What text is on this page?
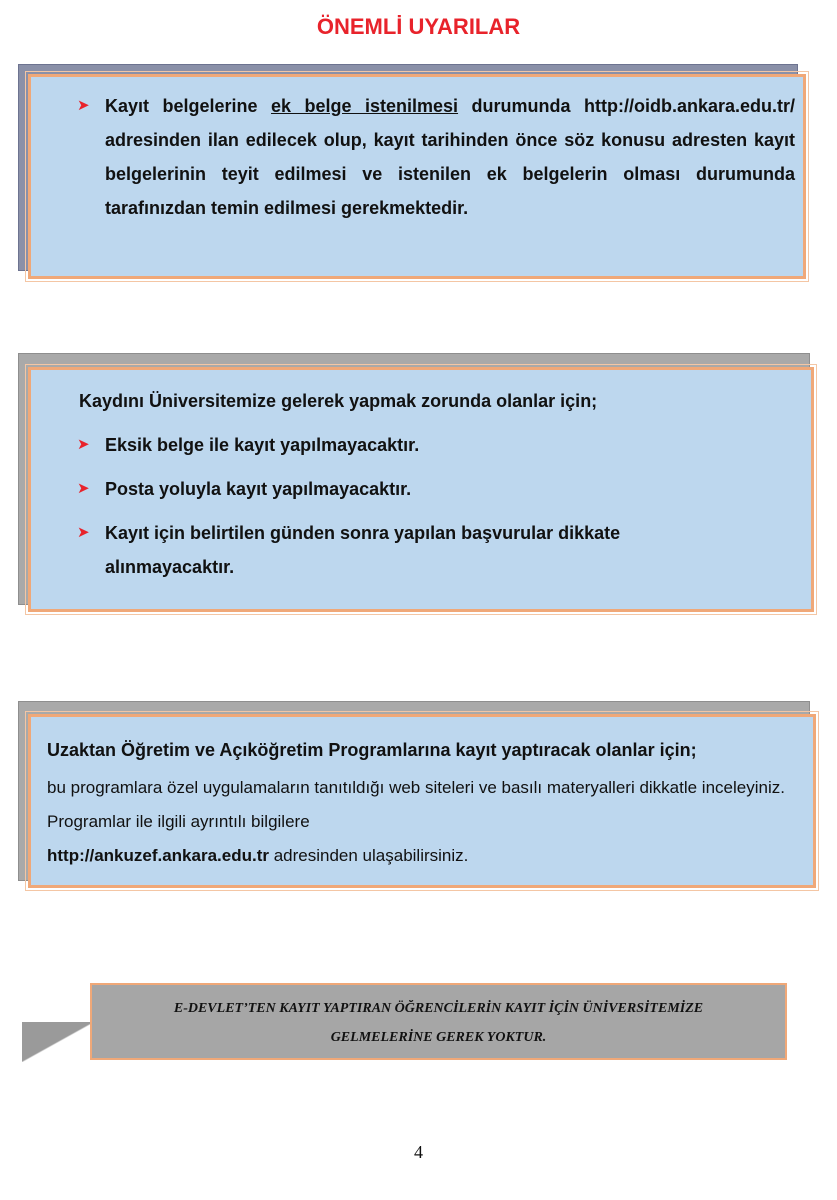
ÖNEMLİ UYARILAR
➤ Kayıt belgelerine ek belge istenilmesi durumunda http://oidb.ankara.edu.tr/ adresinden ilan edilecek olup, kayıt tarihinden önce söz konusu adresten kayıt belgelerinin teyit edilmesi ve istenilen ek belgelerin olması durumunda tarafınızdan temin edilmesi gerekmektedir.
Kaydını Üniversitemize gelerek yapmak zorunda olanlar için;
➤ Eksik belge ile kayıt yapılmayacaktır.
➤ Posta yoluyla kayıt yapılmayacaktır.
➤ Kayıt için belirtilen günden sonra yapılan başvurular dikkate alınmayacaktır.
Uzaktan Öğretim ve Açıköğretim Programlarına kayıt yaptıracak olanlar için;
bu programlara özel uygulamaların tanıtıldığı web siteleri ve basılı materyalleri dikkatle inceleyiniz. Programlar ile ilgili ayrıntılı bilgilere
http://ankuzef.ankara.edu.tr adresinden ulaşabilirsiniz.
E-DEVLET’TEN KAYIT YAPTIRAN ÖĞRENCİLERİN KAYIT İÇİN ÜNİVERSİTEMİZE
GELMELERİNE GEREK YOKTUR.
4
